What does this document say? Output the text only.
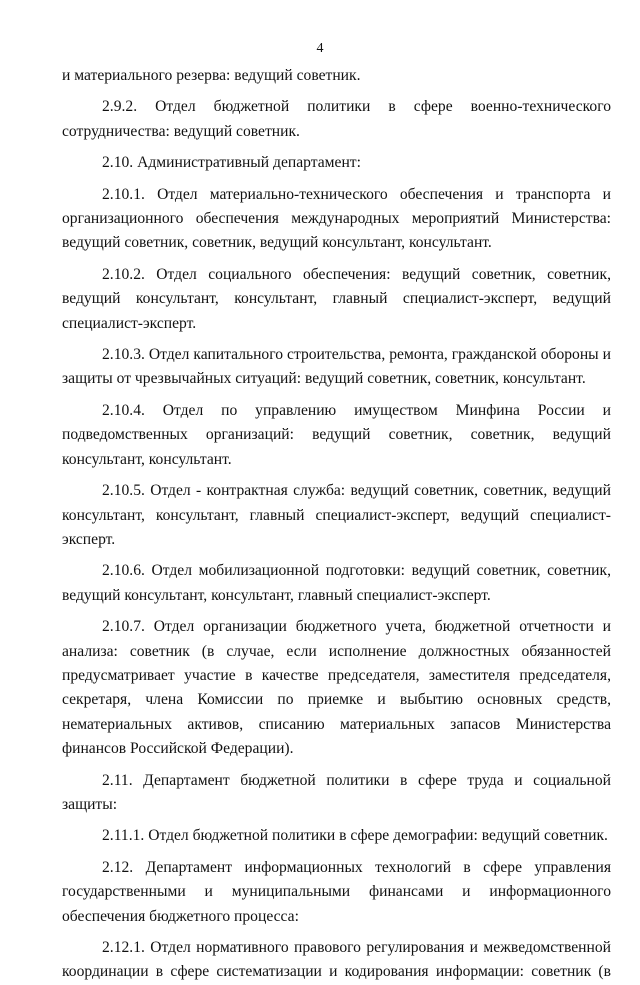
4

и материального резерва: ведущий советник.

2.9.2. Отдел бюджетной политики в сфере военно-технического сотрудничества: ведущий советник.

2.10. Административный департамент:

2.10.1. Отдел материально-технического обеспечения и транспорта и организационного обеспечения международных мероприятий Министерства: ведущий советник, советник, ведущий консультант, консультант.

2.10.2. Отдел социального обеспечения: ведущий советник, советник, ведущий консультант, консультант, главный специалист-эксперт, ведущий специалист-эксперт.

2.10.3. Отдел капитального строительства, ремонта, гражданской обороны и защиты от чрезвычайных ситуаций: ведущий советник, советник, консультант.

2.10.4. Отдел по управлению имуществом Минфина России и подведомственных организаций: ведущий советник, советник, ведущий консультант, консультант.

2.10.5. Отдел - контрактная служба: ведущий советник, советник, ведущий консультант, консультант, главный специалист-эксперт, ведущий специалист-эксперт.

2.10.6. Отдел мобилизационной подготовки: ведущий советник, советник, ведущий консультант, консультант, главный специалист-эксперт.

2.10.7. Отдел организации бюджетного учета, бюджетной отчетности и анализа: советник (в случае, если исполнение должностных обязанностей предусматривает участие в качестве председателя, заместителя председателя, секретаря, члена Комиссии по приемке и выбытию основных средств, нематериальных активов, списанию материальных запасов Министерства финансов Российской Федерации).

2.11. Департамент бюджетной политики в сфере труда и социальной защиты:

2.11.1. Отдел бюджетной политики в сфере демографии: ведущий советник.

2.12. Департамент информационных технологий в сфере управления государственными и муниципальными финансами и информационного обеспечения бюджетного процесса:

2.12.1. Отдел нормативного правового регулирования и межведомственной координации в сфере систематизации и кодирования информации: советник (в
